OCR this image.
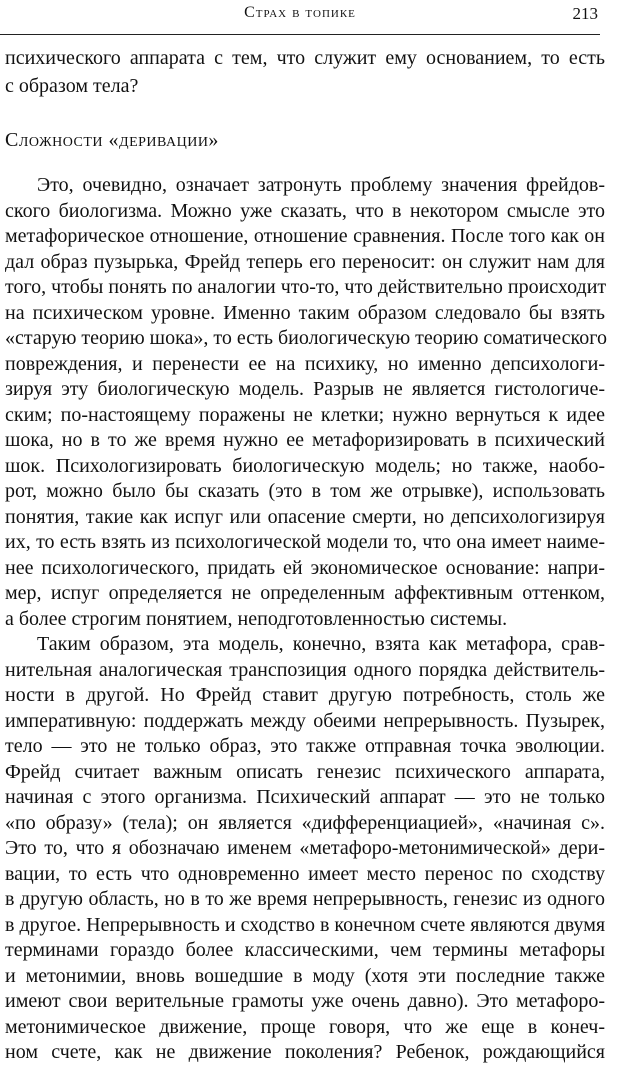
Страх в топике	213
психического аппарата с тем, что служит ему основанием, то есть
с образом тела?
Сложности «деривации»
Это, очевидно, означает затронуть проблему значения фрейдов-
ского биологизма. Можно уже сказать, что в некотором смысле это
метафорическое отношение, отношение сравнения. После того как он
дал образ пузырька, Фрейд теперь его переносит: он служит нам для
того, чтобы понять по аналогии что-то, что действительно происходит
на психическом уровне. Именно таким образом следовало бы взять
«старую теорию шока», то есть биологическую теорию соматического
повреждения, и перенести ее на психику, но именно депсихологи-
зируя эту биологическую модель. Разрыв не является гистологиче-
ским; по-настоящему поражены не клетки; нужно вернуться к идее
шока, но в то же время нужно ее метафоризировать в психический
шок. Психологизировать биологическую модель; но также, наобо-
рот, можно было бы сказать (это в том же отрывке), использовать
понятия, такие как испуг или опасение смерти, но депсихологизируя
их, то есть взять из психологической модели то, что она имеет наиме-
нее психологического, придать ей экономическое основание: напри-
мер, испуг определяется не определенным аффективным оттенком,
а более строгим понятием, неподготовленностью системы.
Таким образом, эта модель, конечно, взята как метафора, срав-
нительная аналогическая транспозиция одного порядка действитель-
ности в другой. Но Фрейд ставит другую потребность, столь же
императивную: поддержать между обеими непрерывность. Пузырек,
тело — это не только образ, это также отправная точка эволюции.
Фрейд считает важным описать генезис психического аппарата,
начиная с этого организма. Психический аппарат — это не только
«по образу» (тела); он является «дифференциацией», «начиная с».
Это то, что я обозначаю именем «метафоро-метонимической» дери-
вации, то есть что одновременно имеет место перенос по сходству
в другую область, но в то же время непрерывность, генезис из одного
в другое. Непрерывность и сходство в конечном счете являются двумя
терминами гораздо более классическими, чем термины метафоры
и метонимии, вновь вошедшие в моду (хотя эти последние также
имеют свои верительные грамоты уже очень давно). Это метафоро-
метонимическое движение, проще говоря, что же еще в конеч-
ном счете, как не движение поколения? Ребенок, рождающийся
